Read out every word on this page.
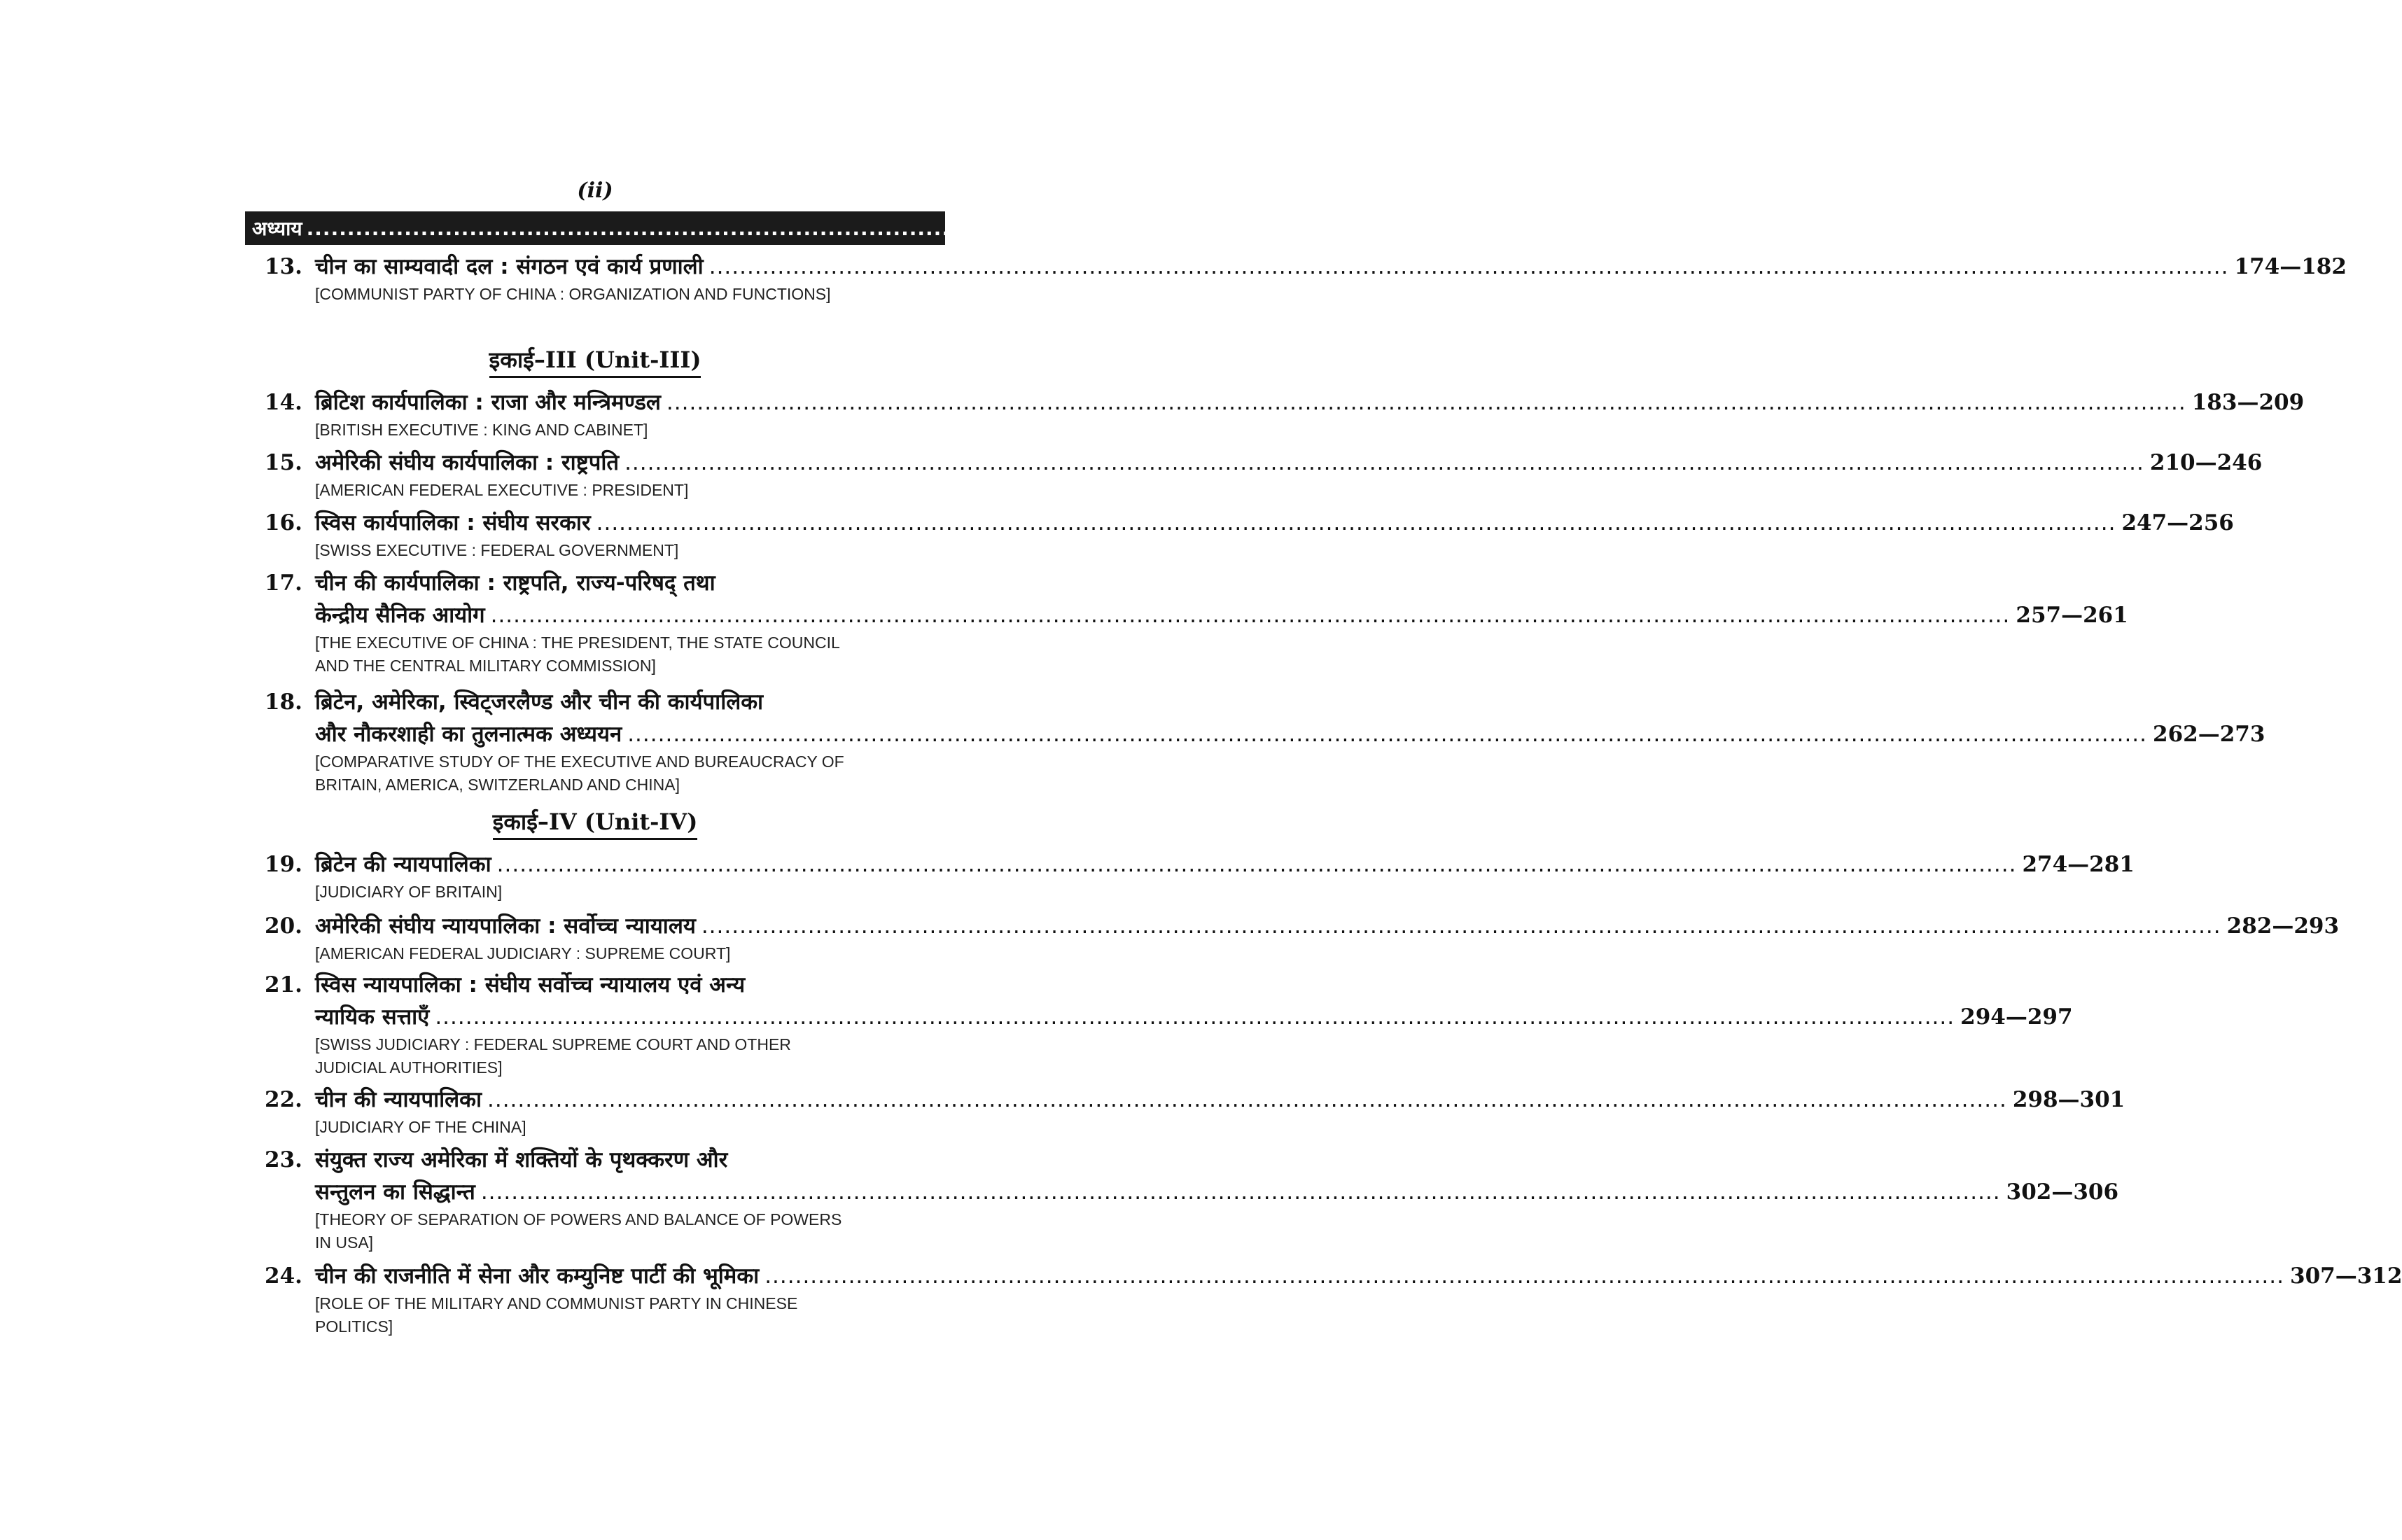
(ii)
अध्याय ........................................................................................................................................................
पृष्ठ–संख्या
इकाई–III (Unit-III)
इकाई–IV (Unit-IV)
13. चीन का साम्यवादी दल : संगठन एवं कार्य प्रणाली ........................................................................................................................................................................................................ 174—182
[COMMUNIST PARTY OF CHINA : ORGANIZATION AND FUNCTIONS]
14. ब्रिटिश कार्यपालिका : राजा और मन्त्रिमण्डल ........................................................................................................................................................................................................ 183—209
[BRITISH EXECUTIVE : KING AND CABINET]
15. अमेरिकी संघीय कार्यपालिका : राष्ट्रपति ........................................................................................................................................................................................................ 210—246
[AMERICAN FEDERAL EXECUTIVE : PRESIDENT]
16. स्विस कार्यपालिका : संघीय सरकार ........................................................................................................................................................................................................ 247—256
[SWISS EXECUTIVE : FEDERAL GOVERNMENT]
17. चीन की कार्यपालिका : राष्ट्रपति, राज्य-परिषद् तथा
केन्द्रीय सैनिक आयोग ........................................................................................................................................................................................................ 257—261
[THE EXECUTIVE OF CHINA : THE PRESIDENT, THE STATE COUNCIL AND THE CENTRAL MILITARY COMMISSION]
18. ब्रिटेन, अमेरिका, स्विट्जरलैण्ड और चीन की कार्यपालिका
और नौकरशाही का तुलनात्मक अध्ययन ........................................................................................................................................................................................................ 262—273
[COMPARATIVE STUDY OF THE EXECUTIVE AND BUREAUCRACY OF BRITAIN, AMERICA, SWITZERLAND AND CHINA]
19. ब्रिटेन की न्यायपालिका ........................................................................................................................................................................................................ 274—281
[JUDICIARY OF BRITAIN]
20. अमेरिकी संघीय न्यायपालिका : सर्वोच्च न्यायालय ........................................................................................................................................................................................................ 282—293
[AMERICAN FEDERAL JUDICIARY : SUPREME COURT]
21. स्विस न्यायपालिका : संघीय सर्वोच्च न्यायालय एवं अन्य
न्यायिक सत्ताएँ ........................................................................................................................................................................................................ 294—297
[SWISS JUDICIARY : FEDERAL SUPREME COURT AND OTHER JUDICIAL AUTHORITIES]
22. चीन की न्यायपालिका ........................................................................................................................................................................................................ 298—301
[JUDICIARY OF THE CHINA]
23. संयुक्त राज्य अमेरिका में शक्तियों के पृथक्करण और
सन्तुलन का सिद्धान्त ........................................................................................................................................................................................................ 302—306
[THEORY OF SEPARATION OF POWERS AND BALANCE OF POWERS IN USA]
24. चीन की राजनीति में सेना और कम्युनिष्ट पार्टी की भूमिका ........................................................................................................................................................................................................ 307—312
[ROLE OF THE MILITARY AND COMMUNIST PARTY IN CHINESE POLITICS]
